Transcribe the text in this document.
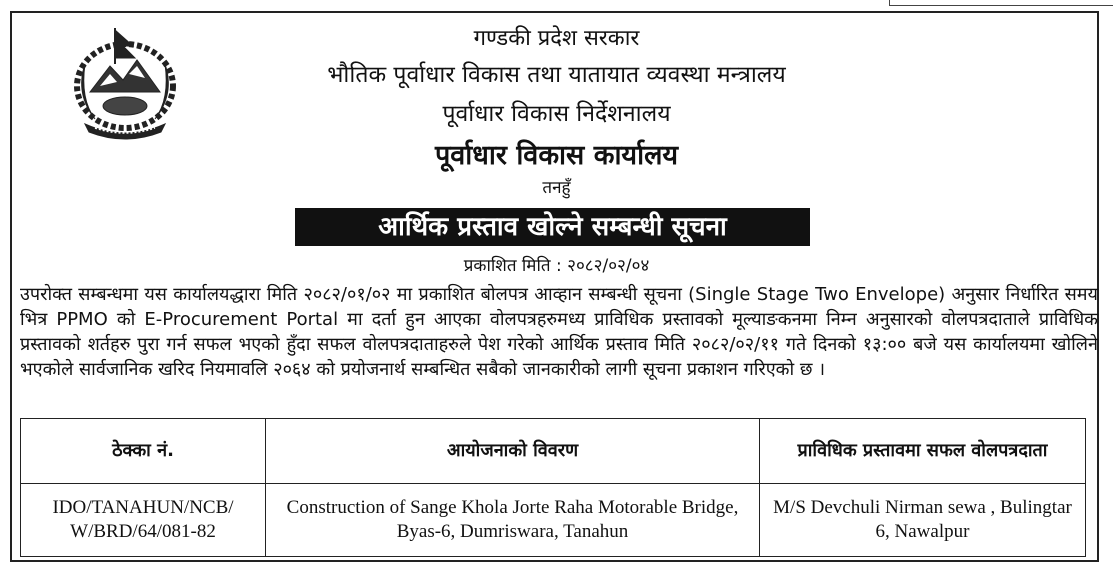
गण्डकी प्रदेश सरकार
भौतिक पूर्वाधार विकास तथा यातायात व्यवस्था मन्त्रालय
पूर्वाधार विकास निर्देशनालय
पूर्वाधार विकास कार्यालय
तनहुँ
आर्थिक प्रस्ताव खोल्ने सम्बन्धी सूचना
प्रकाशित मिति : २०८२/०२/०४
उपरोक्त सम्बन्धमा यस कार्यालयद्धारा मिति २०८२/०१/०२ मा प्रकाशित बोलपत्र आव्हान सम्बन्धी सूचना (Single Stage Two Envelope) अनुसार निर्धारित समय भित्र PPMO को E-Procurement Portal मा दर्ता हुन आएका वोलपत्रहरुमध्य प्राविधिक प्रस्तावको मूल्याङकनमा निम्न अनुसारको वोलपत्रदाताले प्राविधिक प्रस्तावको शर्तहरु पुरा गर्न सफल भएको हुँदा सफल वोलपत्रदाताहरुले पेश गरेको आर्थिक प्रस्ताव मिति २०८२/०२/११ गते दिनको १३:०० बजे यस कार्यालयमा खोलिने भएकोले सार्वजानिक खरिद नियमावलि २०६४ को प्रयोजनार्थ सम्बन्धित सबैको जानकारीको लागी सूचना प्रकाशन गरिएको छ ।
ठेक्का नं.	आयोजनाको विवरण	प्राविधिक प्रस्तावमा सफल वोलपत्रदाता
IDO/TANAHUN/NCB/ W/BRD/64/081-82	Construction of Sange Khola Jorte Raha Motorable Bridge, Byas-6, Dumriswara, Tanahun	M/S Devchuli Nirman sewa , Bulingtar 6, Nawalpur
